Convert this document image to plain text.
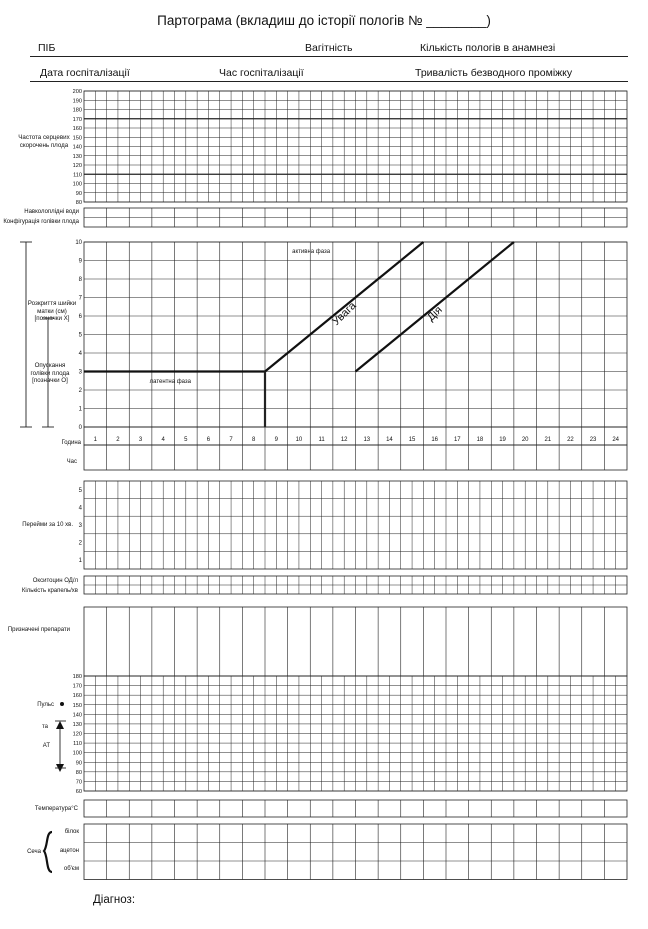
Партограма (вкладиш до історії пологів № ________)
ПІБ	Вагітність	Кількість пологів в анамнезі
Дата госпіталізації	Час госпіталізації	Тривалість безводного проміжку
Частота серцевих скорочень плода
Навколоплідні води
Конфігурація голівки плода
Розкриття шийки матки (см) [позначки Х]
Опускання голівки плода [позначки О]
Година
Час
Перейми за 10 хв.
Окситоцин ОД/л
Кількість крапель/хв
Призначені препарати
Пульс
та
АТ
Температура°С
Сеча
білок
ацетон
об'єм
Діагноз:
200
190
180
170
160
150
140
130
120
110
100
90
80
10
9
8
7
6
5
4
3
2
1
0
1	2	3	4	5	6	7	8	9	10	11	12	13	14	15	16	17	18	19	20	21	22	23	24
активна фаза
латентна фаза
Увага	Дія
5
4
3
2
1
180
170
160
150
140
130
120
110
100
90
80
70
60
